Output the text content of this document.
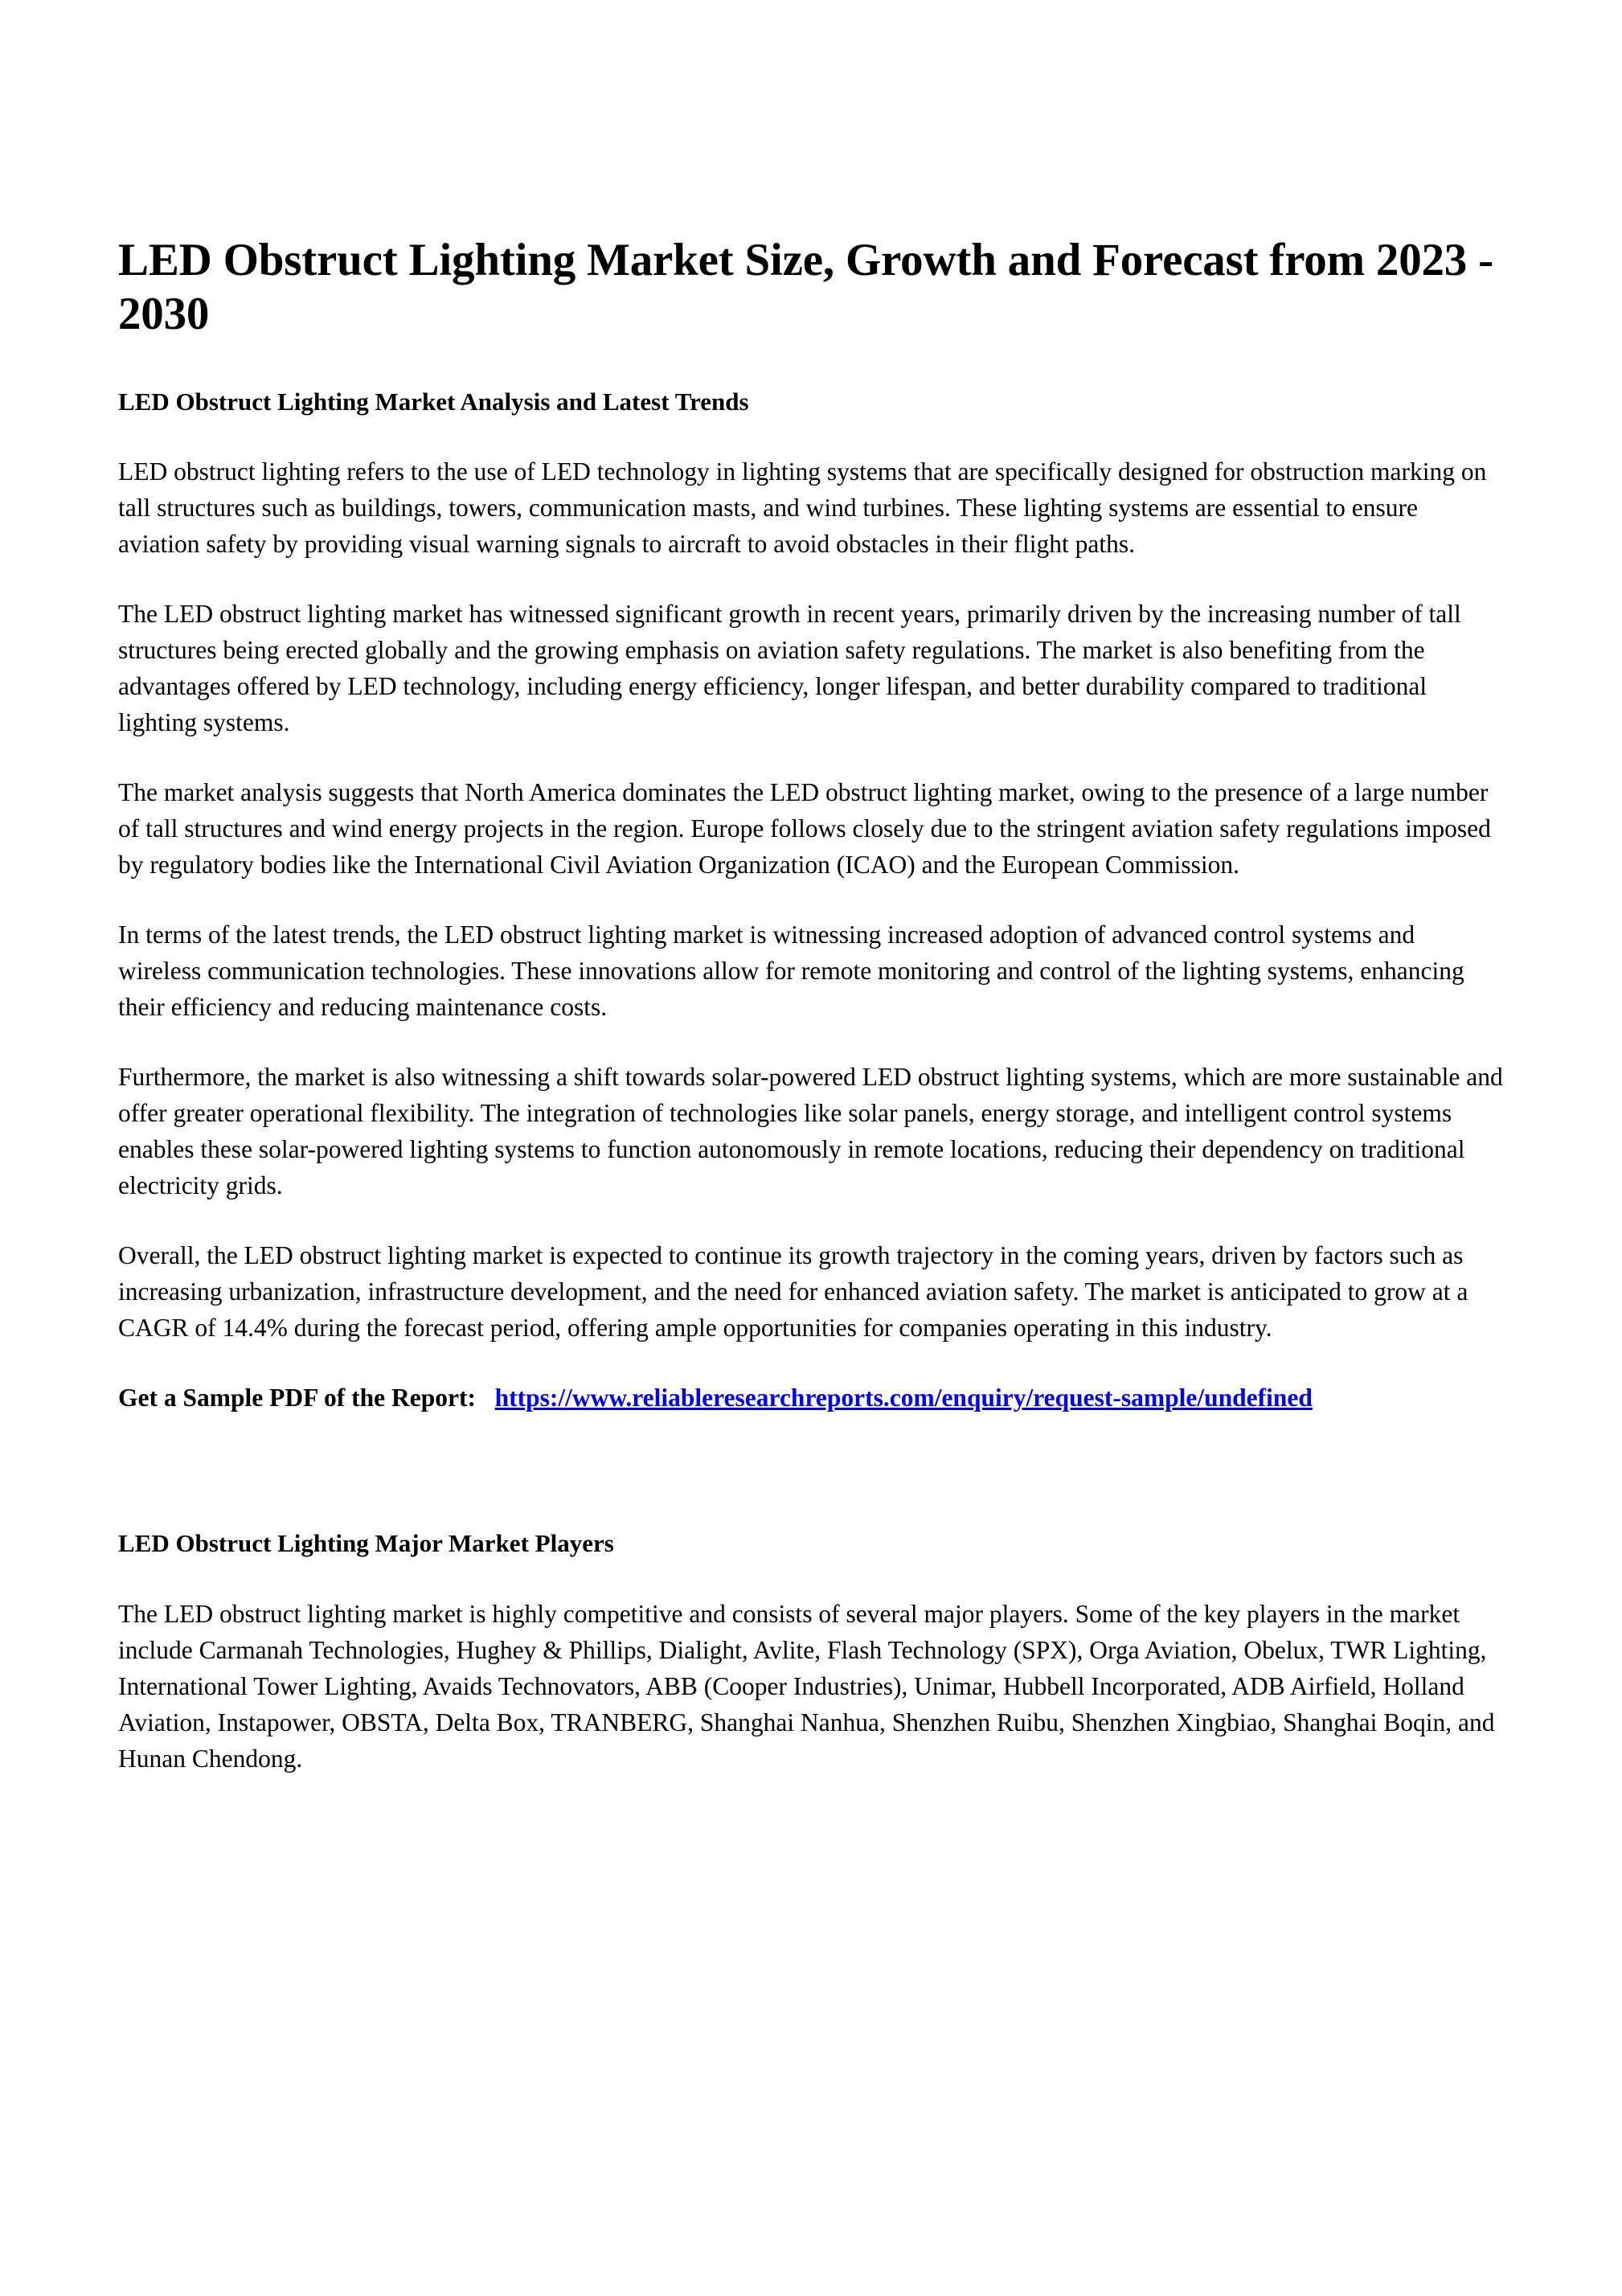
LED Obstruct Lighting Market Size, Growth and Forecast from 2023 - 2030
LED Obstruct Lighting Market Analysis and Latest Trends

LED obstruct lighting refers to the use of LED technology in lighting systems that are specifically designed for obstruction marking on tall structures such as buildings, towers, communication masts, and wind turbines. These lighting systems are essential to ensure aviation safety by providing visual warning signals to aircraft to avoid obstacles in their flight paths.

The LED obstruct lighting market has witnessed significant growth in recent years, primarily driven by the increasing number of tall structures being erected globally and the growing emphasis on aviation safety regulations. The market is also benefiting from the advantages offered by LED technology, including energy efficiency, longer lifespan, and better durability compared to traditional lighting systems.

The market analysis suggests that North America dominates the LED obstruct lighting market, owing to the presence of a large number of tall structures and wind energy projects in the region. Europe follows closely due to the stringent aviation safety regulations imposed by regulatory bodies like the International Civil Aviation Organization (ICAO) and the European Commission.

In terms of the latest trends, the LED obstruct lighting market is witnessing increased adoption of advanced control systems and wireless communication technologies. These innovations allow for remote monitoring and control of the lighting systems, enhancing their efficiency and reducing maintenance costs.

Furthermore, the market is also witnessing a shift towards solar-powered LED obstruct lighting systems, which are more sustainable and offer greater operational flexibility. The integration of technologies like solar panels, energy storage, and intelligent control systems enables these solar-powered lighting systems to function autonomously in remote locations, reducing their dependency on traditional electricity grids.

Overall, the LED obstruct lighting market is expected to continue its growth trajectory in the coming years, driven by factors such as increasing urbanization, infrastructure development, and the need for enhanced aviation safety. The market is anticipated to grow at a CAGR of 14.4% during the forecast period, offering ample opportunities for companies operating in this industry.

Get a Sample PDF of the Report: https://www.reliableresearchreports.com/enquiry/request-sample/undefined

LED Obstruct Lighting Major Market Players

The LED obstruct lighting market is highly competitive and consists of several major players. Some of the key players in the market include Carmanah Technologies, Hughey & Phillips, Dialight, Avlite, Flash Technology (SPX), Orga Aviation, Obelux, TWR Lighting, International Tower Lighting, Avaids Technovators, ABB (Cooper Industries), Unimar, Hubbell Incorporated, ADB Airfield, Holland Aviation, Instapower, OBSTA, Delta Box, TRANBERG, Shanghai Nanhua, Shenzhen Ruibu, Shenzhen Xingbiao, Shanghai Boqin, and Hunan Chendong.
